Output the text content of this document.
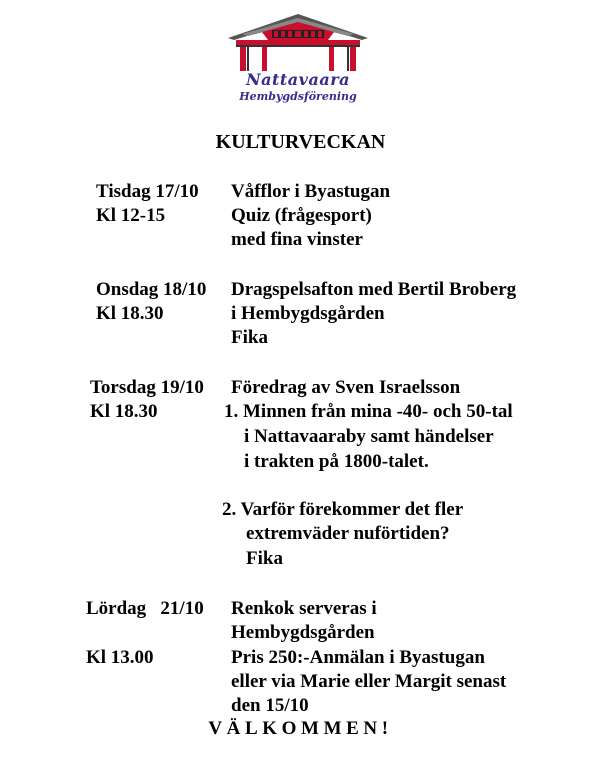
Nattavaara
Hembygdsförening
KULTURVECKAN
Tisdag 17/10
Kl 12-15
Våfflor i Byastugan
Quiz (frågesport)
med fina vinster
Onsdag 18/10
Kl 18.30
Dragspelsafton med Bertil Broberg
i Hembygdsgården
Fika
Torsdag 19/10
Kl 18.30
Föredrag av Sven Israelsson
1. Minnen från mina -40- och 50-tal
i Nattavaaraby samt händelser
i trakten på 1800-talet.
2. Varför förekommer det fler
extremväder nuförtiden?
Fika
Lördag   21/10
Kl 13.00
Renkok serveras i
Hembygdsgården
Pris 250:-Anmälan i Byastugan
eller via Marie eller Margit senast
den 15/10
VÄLKOMMEN!
